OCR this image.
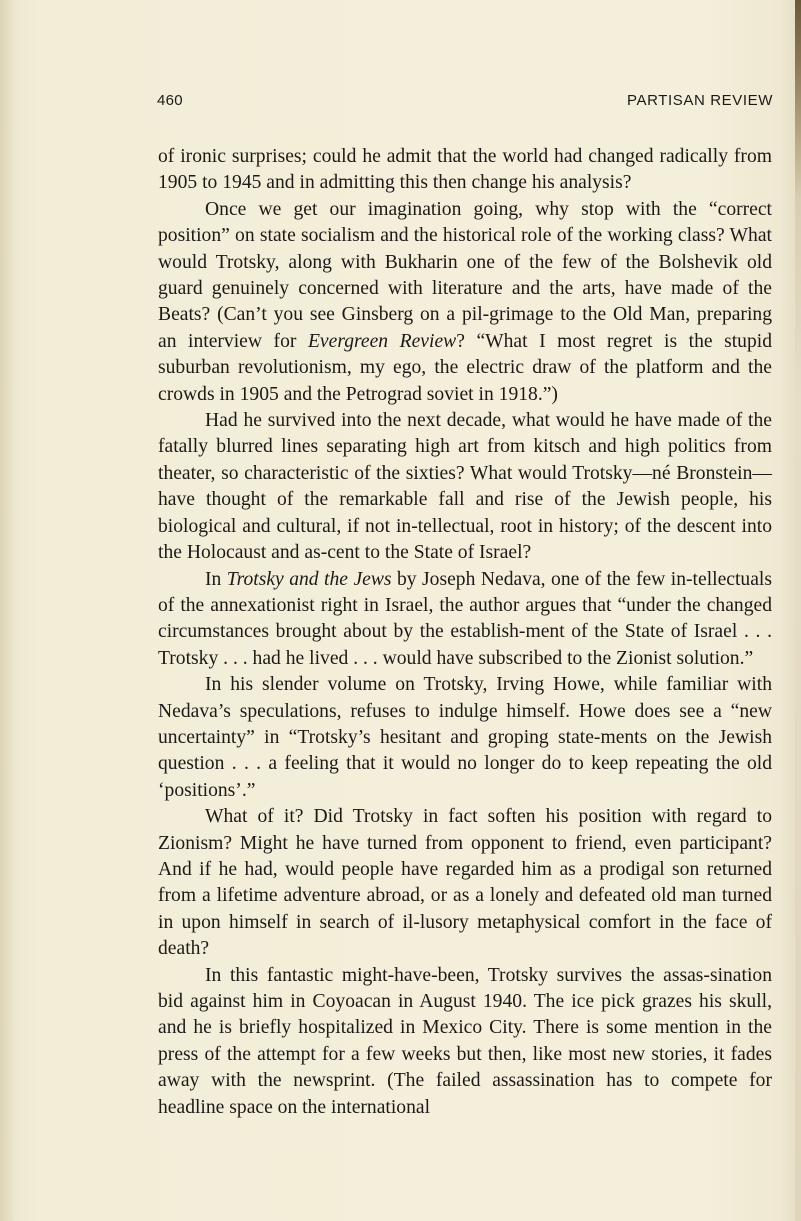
460	PARTISAN REVIEW

of ironic surprises; could he admit that the world had changed radically from 1905 to 1945 and in admitting this then change his analysis?

Once we get our imagination going, why stop with the “correct position” on state socialism and the historical role of the working class? What would Trotsky, along with Bukharin one of the few of the Bolshevik old guard genuinely concerned with literature and the arts, have made of the Beats? (Can’t you see Ginsberg on a pil-grimage to the Old Man, preparing an interview for Evergreen Review? “What I most regret is the stupid suburban revolutionism, my ego, the electric draw of the platform and the crowds in 1905 and the Petrograd soviet in 1918.”)

Had he survived into the next decade, what would he have made of the fatally blurred lines separating high art from kitsch and high politics from theater, so characteristic of the sixties? What would Trotsky—né Bronstein—have thought of the remarkable fall and rise of the Jewish people, his biological and cultural, if not in-tellectual, root in history; of the descent into the Holocaust and as-cent to the State of Israel?

In Trotsky and the Jews by Joseph Nedava, one of the few in-tellectuals of the annexationist right in Israel, the author argues that “under the changed circumstances brought about by the establish-ment of the State of Israel . . . Trotsky . . . had he lived . . . would have subscribed to the Zionist solution.”

In his slender volume on Trotsky, Irving Howe, while familiar with Nedava’s speculations, refuses to indulge himself. Howe does see a “new uncertainty” in “Trotsky’s hesitant and groping state-ments on the Jewish question . . . a feeling that it would no longer do to keep repeating the old ‘positions’.”

What of it? Did Trotsky in fact soften his position with regard to Zionism? Might he have turned from opponent to friend, even participant? And if he had, would people have regarded him as a prodigal son returned from a lifetime adventure abroad, or as a lonely and defeated old man turned in upon himself in search of il-lusory metaphysical comfort in the face of death?

In this fantastic might-have-been, Trotsky survives the assas-sination bid against him in Coyoacan in August 1940. The ice pick grazes his skull, and he is briefly hospitalized in Mexico City. There is some mention in the press of the attempt for a few weeks but then, like most new stories, it fades away with the newsprint. (The failed assassination has to compete for headline space on the international
